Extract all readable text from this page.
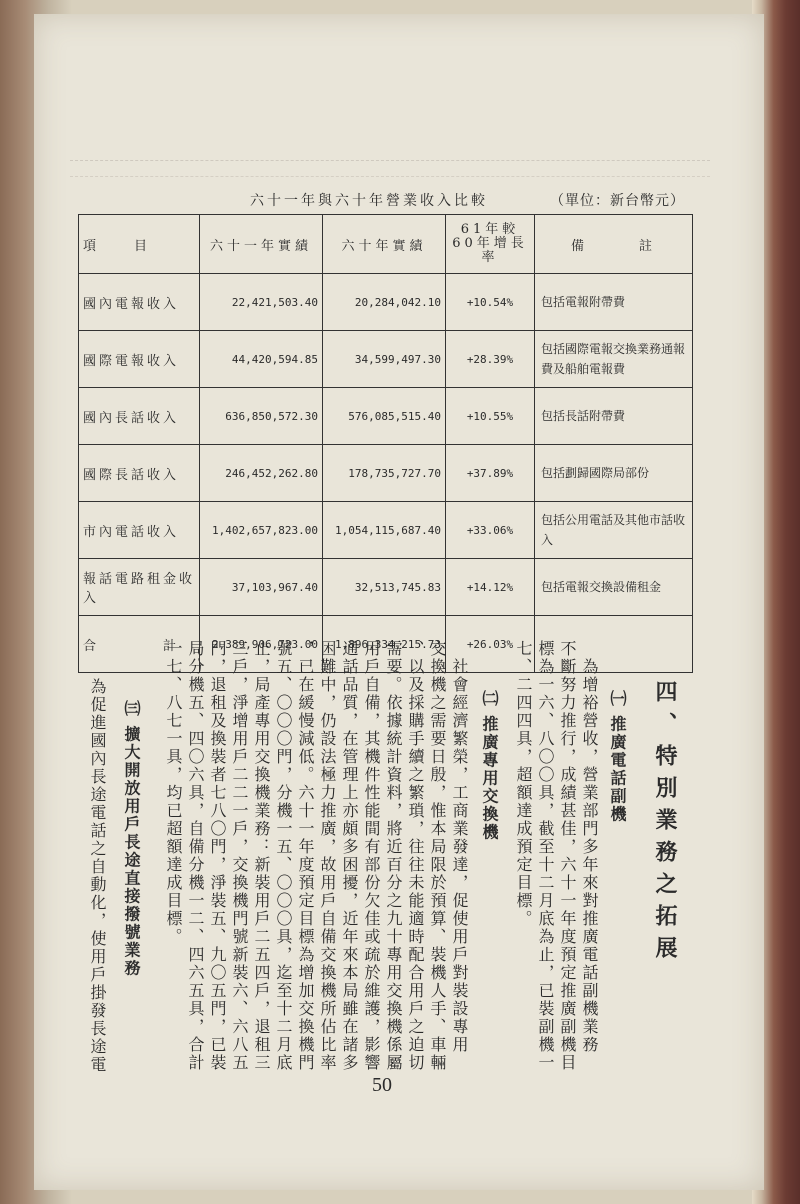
六十一年與六十年營業收入比較	（單位：新台幣元）
項　　目	六十一年實績	六十年實績	61年較60年增長率	備　　　註
國內電報收入	22,421,503.40	20,284,042.10	+10.54%	包括電報附帶費
國際電報收入	44,420,594.85	34,599,497.30	+28.39%	包括國際電報交換業務通報費及船舶電報費
國內長話收入	636,850,572.30	576,085,515.40	+10.55%	包括長話附帶費
國際長話收入	246,452,262.80	178,735,727.70	+37.89%	包括劃歸國際局部份
市內電話收入	1,402,657,823.00	1,054,115,687.40	+33.06%	包括公用電話及其他市話收入
報話電路租金收入	37,103,967.40	32,513,745.83	+14.12%	包括電報交換設備租金
合　　　　計	2,389,906,723.00	1,896,334,215.73	+26.03%	
四、特別業務之拓展
㈠ 推廣電話副機
　為增裕營收，營業部門多年來對推廣電話副機業務
不斷努力推行，成績甚佳，六十一年度預定推廣副機目
標為一六、八〇〇具，截至十二月底為止，已裝副機一
七、二四四具，超額達成預定目標。
㈡ 推廣專用交換機
　社會經濟繁榮，工商業發達，促使用戶對裝設專用
交換機之需要日殷，惟本局限於預算、裝機人手、車輛
、以及採購手續之繁瑣，往往未能適時配合用戶之迫切
需要。依據統計資料，將近百分之九十專用交換機係屬
用戶自備，其機件性能間有部份欠佳或疏於維護，影響
通話品質，在管理上亦頗多困擾，近年來本局雖在諸多
困難中，仍設法極力推廣，故用戶自備交換機所佔比率
，已在緩慢減低。六十一年度預定目標為增加交換機門
號五、〇〇〇門，分機一五、〇〇〇具，迄至十二月底
止，局產專用交換機業務：新裝用戶二五四戶，退租三
三戶，淨增用戶二二一戶，交換機門號新裝六、六八五
門，退租及換裝者七八〇門，淨裝五、九〇五門，已裝
局分機五、四〇六具，自備分機一二、四六五具，合計
一七、八七一具，均已超額達成目標。
㈢ 擴大開放用戶長途直接撥號業務
　為促進國內長途電話之自動化，使用戶掛發長途電
50
